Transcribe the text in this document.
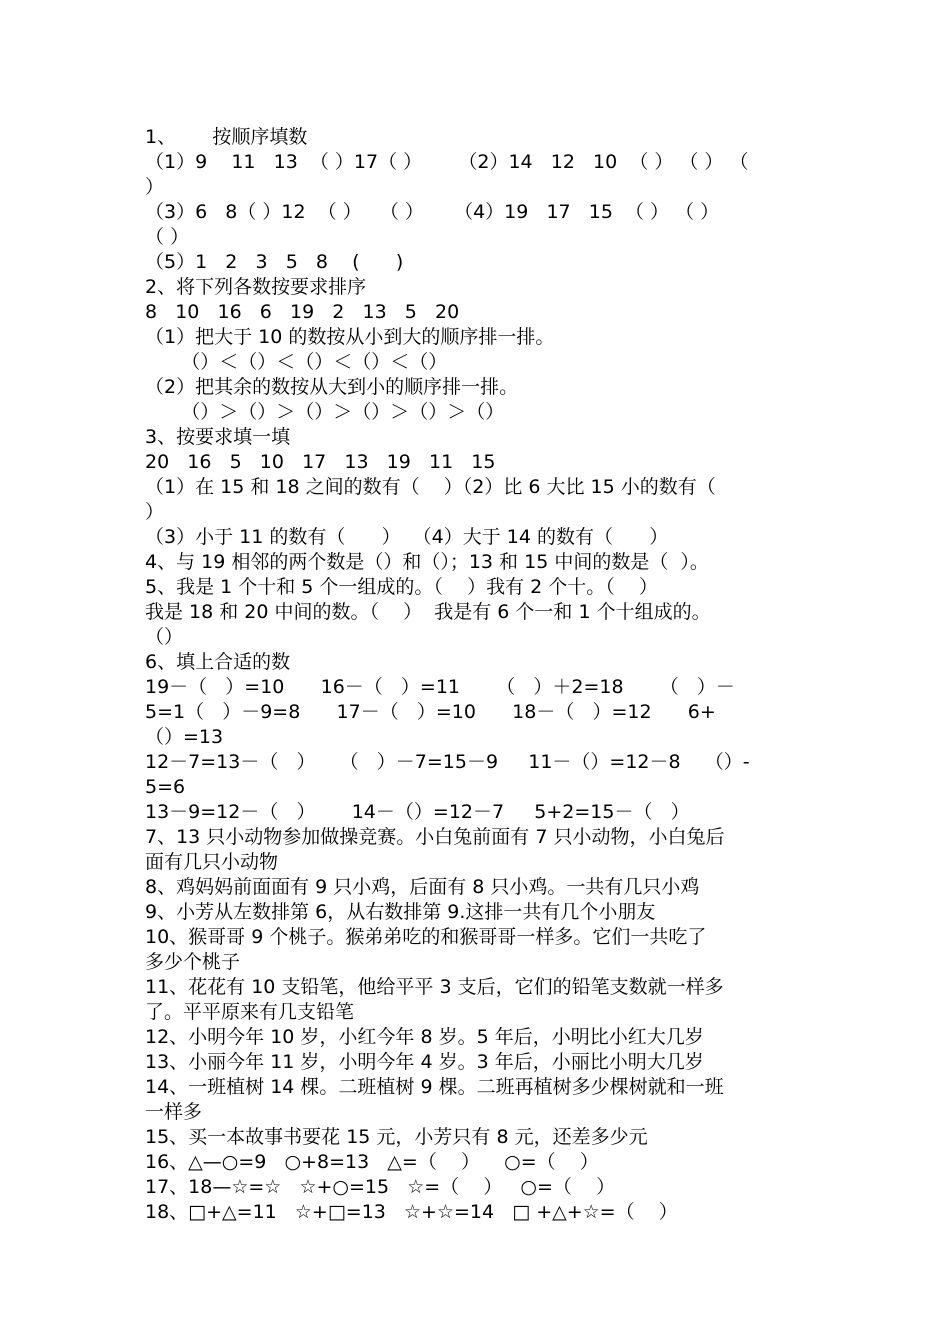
1、      按顺序填数
（1）9    11   13  （ ）17（ ）      （2）14   12   10  （ ） （ ） （
）
（3）6   8（ ）12  （ ）   （ ）     （4）19   17   15  （ ） （ ）
（ ）
（5）1   2   3   5   8    (      )
2、将下列各数按要求排序
8   10   16   6   19   2   13   5   20
（1）把大于 10 的数按从小到大的顺序排一排。
（）＜（）＜（）＜（）＜（）
（2）把其余的数按从大到小的顺序排一排。
（）＞（）＞（）＞（）＞（）＞（）
3、按要求填一填
20   16   5   10   17   13   19   11   15
（1）在 15 和 18 之间的数有（    ）（2）比 6 大比 15 小的数有（
）
（3）小于 11 的数有（      ）  （4）大于 14 的数有（      ）
4、与 19 相邻的两个数是（）和（）；13 和 15 中间的数是（  ）。
5、我是 1 个十和 5 个一组成的。（    ）我有 2 个十。（    ）
我是 18 和 20 中间的数。（    ）  我是有 6 个一和 1 个十组成的。
（）
6、填上合适的数
19－（   ）=10      16－（   ）=11      （   ）＋2=18      （   ）－
5=1（   ）－9=8      17－（   ）=10      18－（   ）=12      6+
（）=13
12－7=13－（   ）    （   ）－7=15－9     11－（）=12－8    （）-
5=6
13－9=12－（   ）      14－（）=12－7     5+2=15－（   ）
7、13 只小动物参加做操竞赛。小白兔前面有 7 只小动物，小白兔后
面有几只小动物
8、鸡妈妈前面面有 9 只小鸡，后面有 8 只小鸡。一共有几只小鸡
9、小芳从左数排第 6，从右数排第 9.这排一共有几个小朋友
10、猴哥哥 9 个桃子。猴弟弟吃的和猴哥哥一样多。它们一共吃了
多少个桃子
11、花花有 10 支铅笔，他给平平 3 支后，它们的铅笔支数就一样多
了。平平原来有几支铅笔
12、小明今年 10 岁，小红今年 8 岁。5 年后，小明比小红大几岁
13、小丽今年 11 岁，小明今年 4 岁。3 年后，小丽比小明大几岁
14、一班植树 14 棵。二班植树 9 棵。二班再植树多少棵树就和一班
一样多
15、买一本故事书要花 15 元，小芳只有 8 元，还差多少元
16、△—○=9   ○+8=13   △=（    ）    ○=（    ）
17、18—☆=☆   ☆+○=15   ☆=（    ）   ○=（    ）
18、□+△=11   ☆+□=13   ☆+☆=14   □ +△+☆=（    ）
